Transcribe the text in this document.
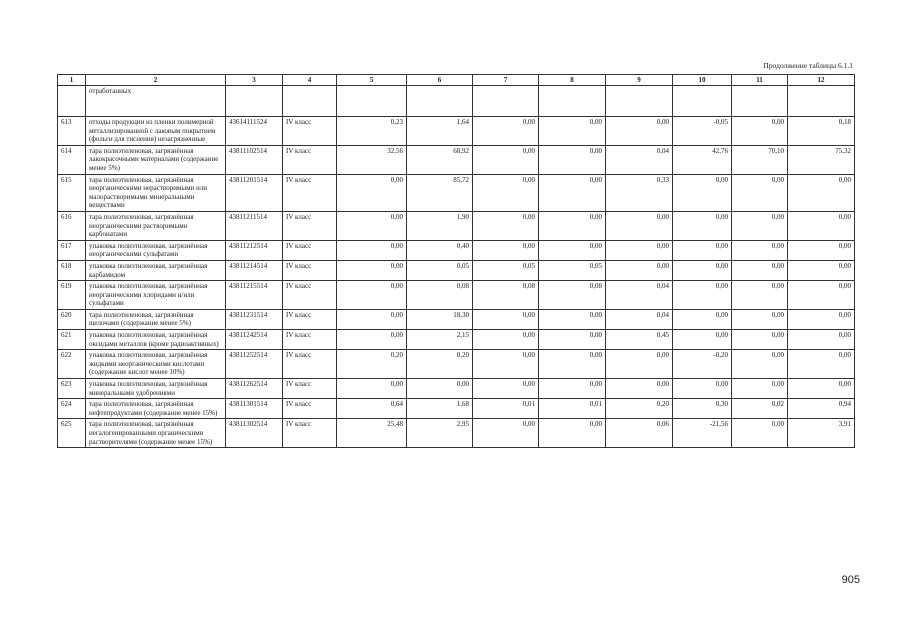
Продолжение таблицы 6.1.1
1	2	3	4	5	6	7	8	9	10	11	12
	отработанных										
613	отходы продукции из пленки полимерной металлизированной с лаковым покрытием (фольги для тиснения) незагрязненные	43614111524	IV класс	0,23	1,64	0,00	0,00	0,00	-0,05	0,00	0,18
614	тара полиэтиленовая, загрязнённая лакокрасочными материалами (содержание менее 5%)	43811102514	IV класс	32,56	68,92	0,00	0,00	0,04	42,76	70,10	75,32
615	тара полиэтиленовая, загрязнённая неорганическими нерастворимыми или малорастворимыми минеральными веществами	43811201514	IV класс	0,00	85,72	0,00	0,00	0,33	0,00	0,00	0,00
616	тара полиэтиленовая, загрязнённая неорганическими растворимыми карбонатами	43811211514	IV класс	0,00	1,90	0,00	0,00	0,00	0,00	0,00	0,00
617	упаковка полиэтиленовая, загрязнённая неорганическими сульфатами	43811212514	IV класс	0,00	0,40	0,00	0,00	0,00	0,00	0,00	0,00
618	упаковка полиэтиленовая, загрязнённая карбамидом	43811214514	IV класс	0,00	0,05	0,05	0,05	0,00	0,00	0,00	0,00
619	упаковка полиэтиленовая, загрязнённая неорганическими хлоридами и/или сульфатами	43811215514	IV класс	0,00	0,08	0,08	0,08	0,04	0,00	0,00	0,00
620	тара полиэтиленовая, загрязнённая щелочами (содержание менее 5%)	43811231514	IV класс	0,00	18,30	0,00	0,00	0,04	0,00	0,00	0,00
621	упаковка полиэтиленовая, загрязнённая оксидами металлов (кроме радиоактивных)	43811242514	IV класс	0,00	2,15	0,00	0,00	0,45	0,00	0,00	0,00
622	упаковка полиэтиленовая, загрязнённая жидкими неорганическими кислотами (содержание кислот менее 10%)	43811252514	IV класс	0,20	0,20	0,00	0,00	0,00	-0,20	0,00	0,00
623	упаковка полиэтиленовая, загрязнённая минеральными удобрениями	43811262514	IV класс	0,00	0,00	0,00	0,00	0,00	0,00	0,00	0,00
624	тара полиэтиленовая, загрязнённая нефтепродуктами (содержание менее 15%)	43811301514	IV класс	0,64	1,68	0,01	0,01	0,20	0,30	0,02	0,94
625	тара полиэтиленовая, загрязнённая негалогенированными органическими растворителями (содержание менее 15%)	43811302514	IV класс	25,48	2,95	0,00	0,00	0,06	-21,56	0,00	3,91
905
